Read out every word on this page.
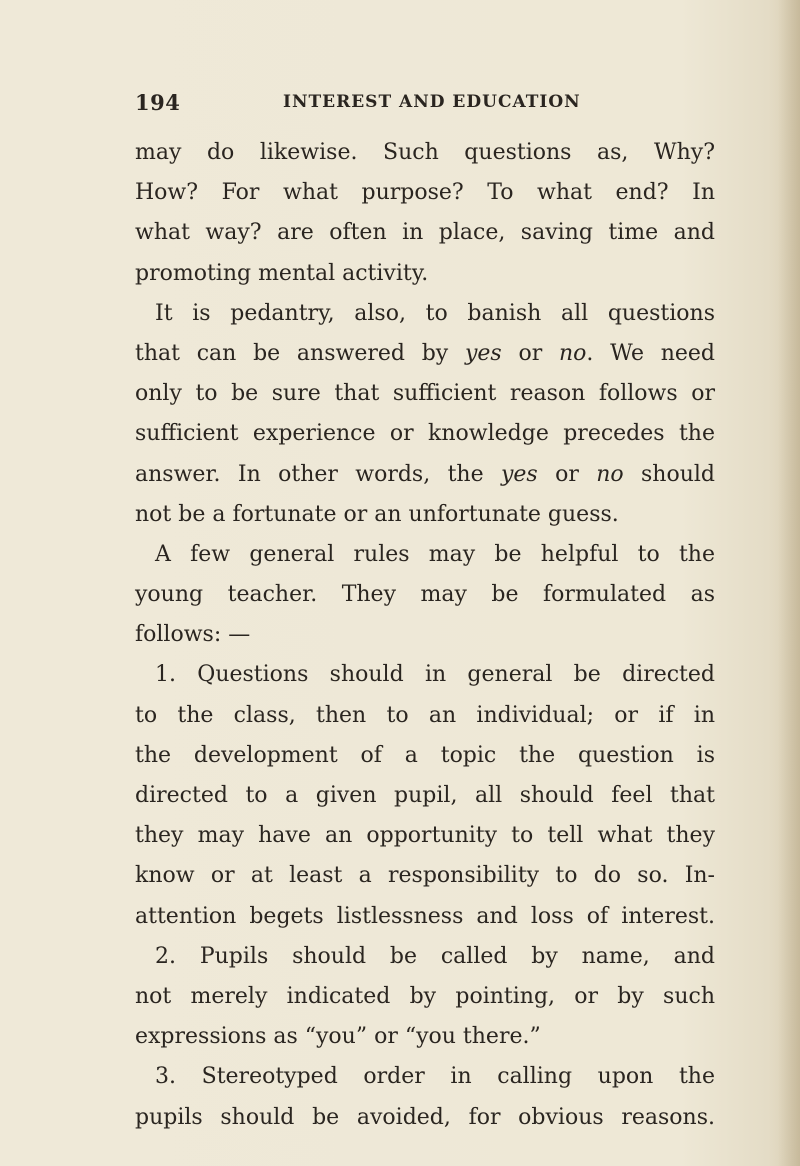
194	INTEREST AND EDUCATION
may do likewise. Such questions as, Why?
How? For what purpose? To what end? In
what way? are often in place, saving time and
promoting mental activity.
It is pedantry, also, to banish all questions
that can be answered by yes or no. We need
only to be sure that sufficient reason follows or
sufficient experience or knowledge precedes the
answer. In other words, the yes or no should
not be a fortunate or an unfortunate guess.
A few general rules may be helpful to the
young teacher. They may be formulated as
follows: —
1. Questions should in general be directed
to the class, then to an individual; or if in
the development of a topic the question is
directed to a given pupil, all should feel that
they may have an opportunity to tell what they
know or at least a responsibility to do so. In-
attention begets listlessness and loss of interest.
2. Pupils should be called by name, and
not merely indicated by pointing, or by such
expressions as “you” or “you there.”
3. Stereotyped order in calling upon the
pupils should be avoided, for obvious reasons.
